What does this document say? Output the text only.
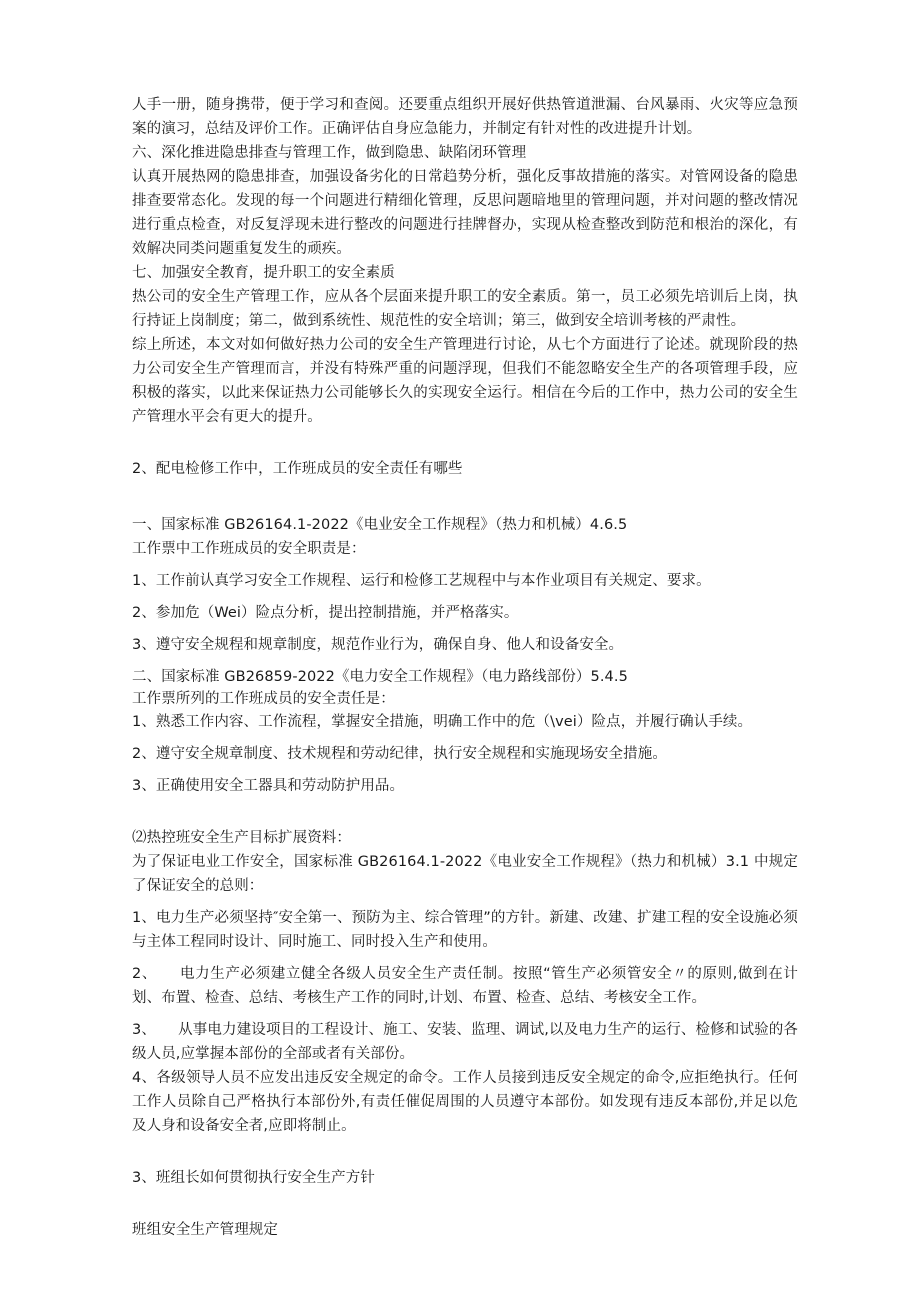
人手一册，随身携带，便于学习和查阅。还要重点组织开展好供热管道泄漏、台风暴雨、火灾等应急预案的演习，总结及评价工作。正确评估自身应急能力，并制定有针对性的改进提升计划。

六、深化推进隐患排查与管理工作，做到隐患、缺陷闭环管理

认真开展热网的隐患排查，加强设备劣化的日常趋势分析，强化反事故措施的落实。对管网设备的隐患排查要常态化。发现的每一个问题进行精细化管理，反思问题暗地里的管理问题，并对问题的整改情况进行重点检查，对反复浮现未进行整改的问题进行挂牌督办，实现从检查整改到防范和根治的深化，有效解决同类问题重复发生的顽疾。

七、加强安全教育，提升职工的安全素质

热公司的安全生产管理工作，应从各个层面来提升职工的安全素质。第一，员工必须先培训后上岗，执行持证上岗制度；第二，做到系统性、规范性的安全培训；第三，做到安全培训考核的严肃性。

综上所述，本文对如何做好热力公司的安全生产管理进行讨论，从七个方面进行了论述。就现阶段的热力公司安全生产管理而言，并没有特殊严重的问题浮现，但我们不能忽略安全生产的各项管理手段，应积极的落实，以此来保证热力公司能够长久的实现安全运行。相信在今后的工作中，热力公司的安全生产管理水平会有更大的提升。

2、配电检修工作中，工作班成员的安全责任有哪些

一、国家标准 GB26164.1-2022《电业安全工作规程》（热力和机械）4.6.5

工作票中工作班成员的安全职责是：

1、工作前认真学习安全工作规程、运行和检修工艺规程中与本作业项目有关规定、要求。

2、参加危（Wei）险点分析，提出控制措施，并严格落实。

3、遵守安全规程和规章制度，规范作业行为，确保自身、他人和设备安全。

二、国家标准 GB26859-2022《电力安全工作规程》（电力路线部份）5.4.5

工作票所列的工作班成员的安全责任是：

1、熟悉工作内容、工作流程，掌握安全措施，明确工作中的危（\vei）险点，并履行确认手续。

2、遵守安全规章制度、技术规程和劳动纪律，执行安全规程和实施现场安全措施。

3、正确使用安全工器具和劳动防护用品。

⑵热控班安全生产目标扩展资料：

为了保证电业工作安全，国家标准 GB26164.1-2022《电业安全工作规程》（热力和机械）3.1 中规定了保证安全的总则：

1、电力生产必须坚持″安全第一、预防为主、综合管理”的方针。新建、改建、扩建工程的安全设施必须与主体工程同时设计、同时施工、同时投入生产和使用。

2、　　电力生产必须建立健全各级人员安全生产责任制。按照“管生产必须管安全〃的原则,做到在计划、布置、检查、总结、考核生产工作的同时,计划、布置、检查、总结、考核安全工作。

3、　　从事电力建设项目的工程设计、施工、安装、监理、调试,以及电力生产的运行、检修和试验的各级人员,应掌握本部份的全部或者有关部份。

4、各级领导人员不应发出违反安全规定的命令。工作人员接到违反安全规定的命令,应拒绝执行。任何工作人员除自己严格执行本部份外,有责任催促周围的人员遵守本部份。如发现有违反本部份,并足以危及人身和设备安全者,应即将制止。

3、班组长如何贯彻执行安全生产方针

班组安全生产管理规定
